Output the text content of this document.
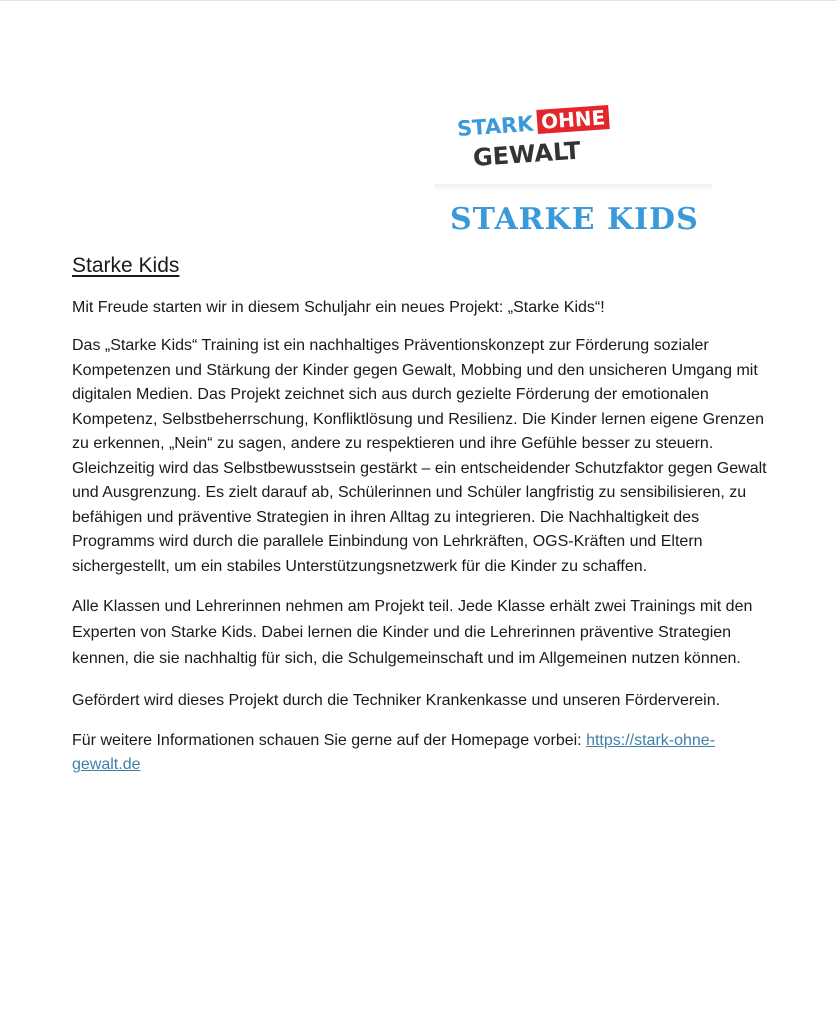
STARK OHNE
GEWALT
STARKE KIDS
Starke Kids

Mit Freude starten wir in diesem Schuljahr ein neues Projekt: „Starke Kids“!

Das „Starke Kids“ Training ist ein nachhaltiges Präventionskonzept zur Förderung sozialer Kompetenzen und Stärkung der Kinder gegen Gewalt, Mobbing und den unsicheren Umgang mit digitalen Medien. Das Projekt zeichnet sich aus durch gezielte Förderung der emotionalen Kompetenz, Selbstbeherrschung, Konfliktlösung und Resilienz. Die Kinder lernen eigene Grenzen zu erkennen, „Nein“ zu sagen, andere zu respektieren und ihre Gefühle besser zu steuern. Gleichzeitig wird das Selbstbewusstsein gestärkt – ein entscheidender Schutzfaktor gegen Gewalt und Ausgrenzung. Es zielt darauf ab, Schülerinnen und Schüler langfristig zu sensibilisieren, zu befähigen und präventive Strategien in ihren Alltag zu integrieren. Die Nachhaltigkeit des Programms wird durch die parallele Einbindung von Lehrkräften, OGS-Kräften und Eltern sichergestellt, um ein stabiles Unterstützungsnetzwerk für die Kinder zu schaffen.

Alle Klassen und Lehrerinnen nehmen am Projekt teil. Jede Klasse erhält zwei Trainings mit den Experten von Starke Kids. Dabei lernen die Kinder und die Lehrerinnen präventive Strategien kennen, die sie nachhaltig für sich, die Schulgemeinschaft und im Allgemeinen nutzen können.

Gefördert wird dieses Projekt durch die Techniker Krankenkasse und unseren Förderverein.

Für weitere Informationen schauen Sie gerne auf der Homepage vorbei: https://stark-ohne-gewalt.de
